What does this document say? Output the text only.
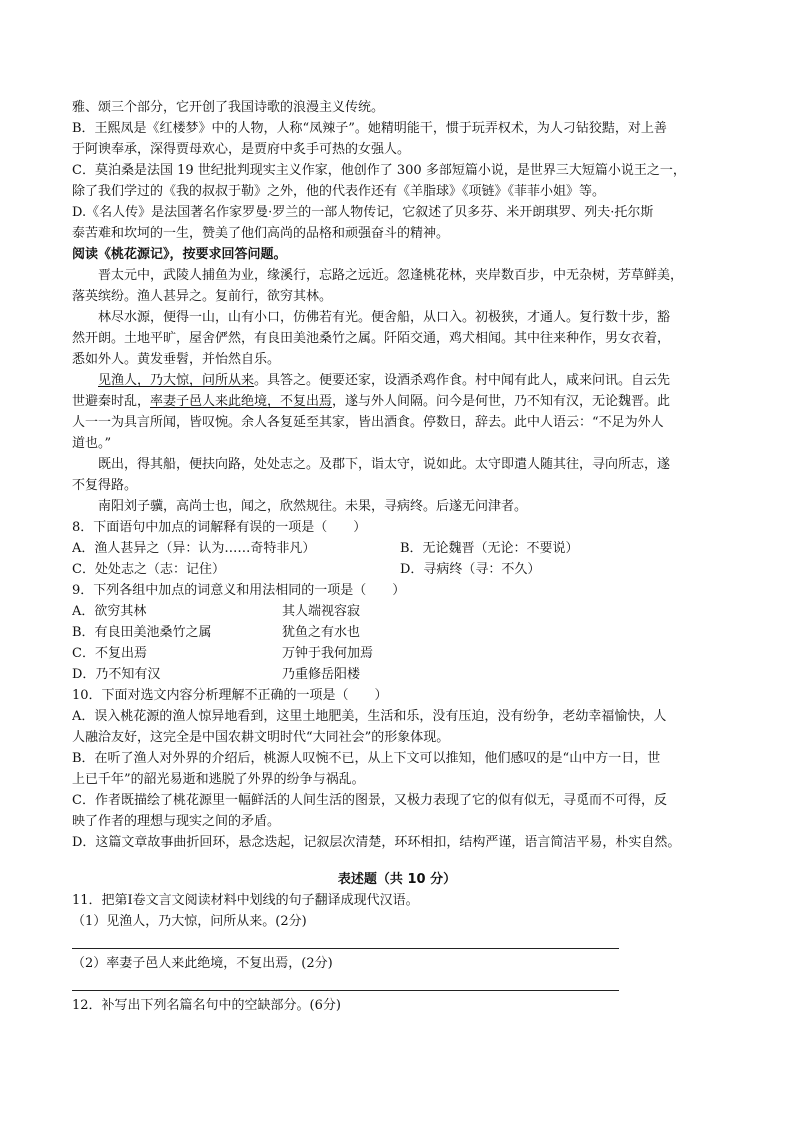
雅、颂三个部分，它开创了我国诗歌的浪漫主义传统。
B．王熙凤是《红楼梦》中的人物，人称“凤辣子”。她精明能干，惯于玩弄权术，为人刁钻狡黠，对上善
于阿谀奉承，深得贾母欢心，是贾府中炙手可热的女强人。
C．莫泊桑是法国 19 世纪批判现实主义作家，他创作了 300 多部短篇小说，是世界三大短篇小说王之一，
除了我们学过的《我的叔叔于勒》之外，他的代表作还有《羊脂球》《项链》《菲菲小姐》等。
D.《名人传》是法国著名作家罗曼·罗兰的一部人物传记，它叙述了贝多芬、米开朗琪罗、列夫·托尔斯
泰苦难和坎坷的一生，赞美了他们高尚的品格和顽强奋斗的精神。
阅读《桃花源记》，按要求回答问题。
晋太元中，武陵人捕鱼为业，缘溪行，忘路之远近。忽逢桃花林，夹岸数百步，中无杂树，芳草鲜美，
落英缤纷。渔人甚异之。复前行，欲穷其林。
林尽水源，便得一山，山有小口，仿佛若有光。便舍船，从口入。初极狭，才通人。复行数十步，豁
然开朗。土地平旷，屋舍俨然，有良田美池桑竹之属。阡陌交通，鸡犬相闻。其中往来种作，男女衣着，
悉如外人。黄发垂髫，并怡然自乐。
见渔人，乃大惊，问所从来。具答之。便要还家，设酒杀鸡作食。村中闻有此人，咸来问讯。自云先
世避秦时乱，率妻子邑人来此绝境，不复出焉，遂与外人间隔。问今是何世，乃不知有汉，无论魏晋。此
人一一为具言所闻，皆叹惋。余人各复延至其家，皆出酒食。停数日，辞去。此中人语云：“不足为外人
道也。”
既出，得其船，便扶向路，处处志之。及郡下，诣太守，说如此。太守即遣人随其往，寻向所志，遂
不复得路。
南阳刘子骥，高尚士也，闻之，欣然规往。未果，寻病终。后遂无问津者。
8．下面语句中加点的词解释有误的一项是（　　）
A．渔人甚异之（异：认为……奇特非凡）	B．无论魏晋（无论：不要说）
C．处处志之（志：记住）	D．寻病终（寻：不久）
9．下列各组中加点的词意义和用法相同的一项是（　　）
A．欲穷其林	其人端视容寂
B．有良田美池桑竹之属	犹鱼之有水也
C．不复出焉	万钟于我何加焉
D．乃不知有汉	乃重修岳阳楼
10．下面对选文内容分析理解不正确的一项是（　　）
A．误入桃花源的渔人惊异地看到，这里土地肥美，生活和乐，没有压迫，没有纷争，老幼幸福愉快，人
人融洽友好，这完全是中国农耕文明时代“大同社会”的形象体现。
B．在听了渔人对外界的介绍后，桃源人叹惋不已，从上下文可以推知，他们感叹的是“山中方一日，世
上已千年”的韶光易逝和逃脱了外界的纷争与祸乱。
C．作者既描绘了桃花源里一幅鲜活的人间生活的图景，又极力表现了它的似有似无，寻觅而不可得，反
映了作者的理想与现实之间的矛盾。
D．这篇文章故事曲折回环，悬念迭起，记叙层次清楚，环环相扣，结构严谨，语言简洁平易，朴实自然。
表述题（共 10 分）
11．把第Ⅰ卷文言文阅读材料中划线的句子翻译成现代汉语。
（1）见渔人，乃大惊，问所从来。(2分)
（2）率妻子邑人来此绝境，不复出焉，(2分)
12．补写出下列名篇名句中的空缺部分。(6分)
